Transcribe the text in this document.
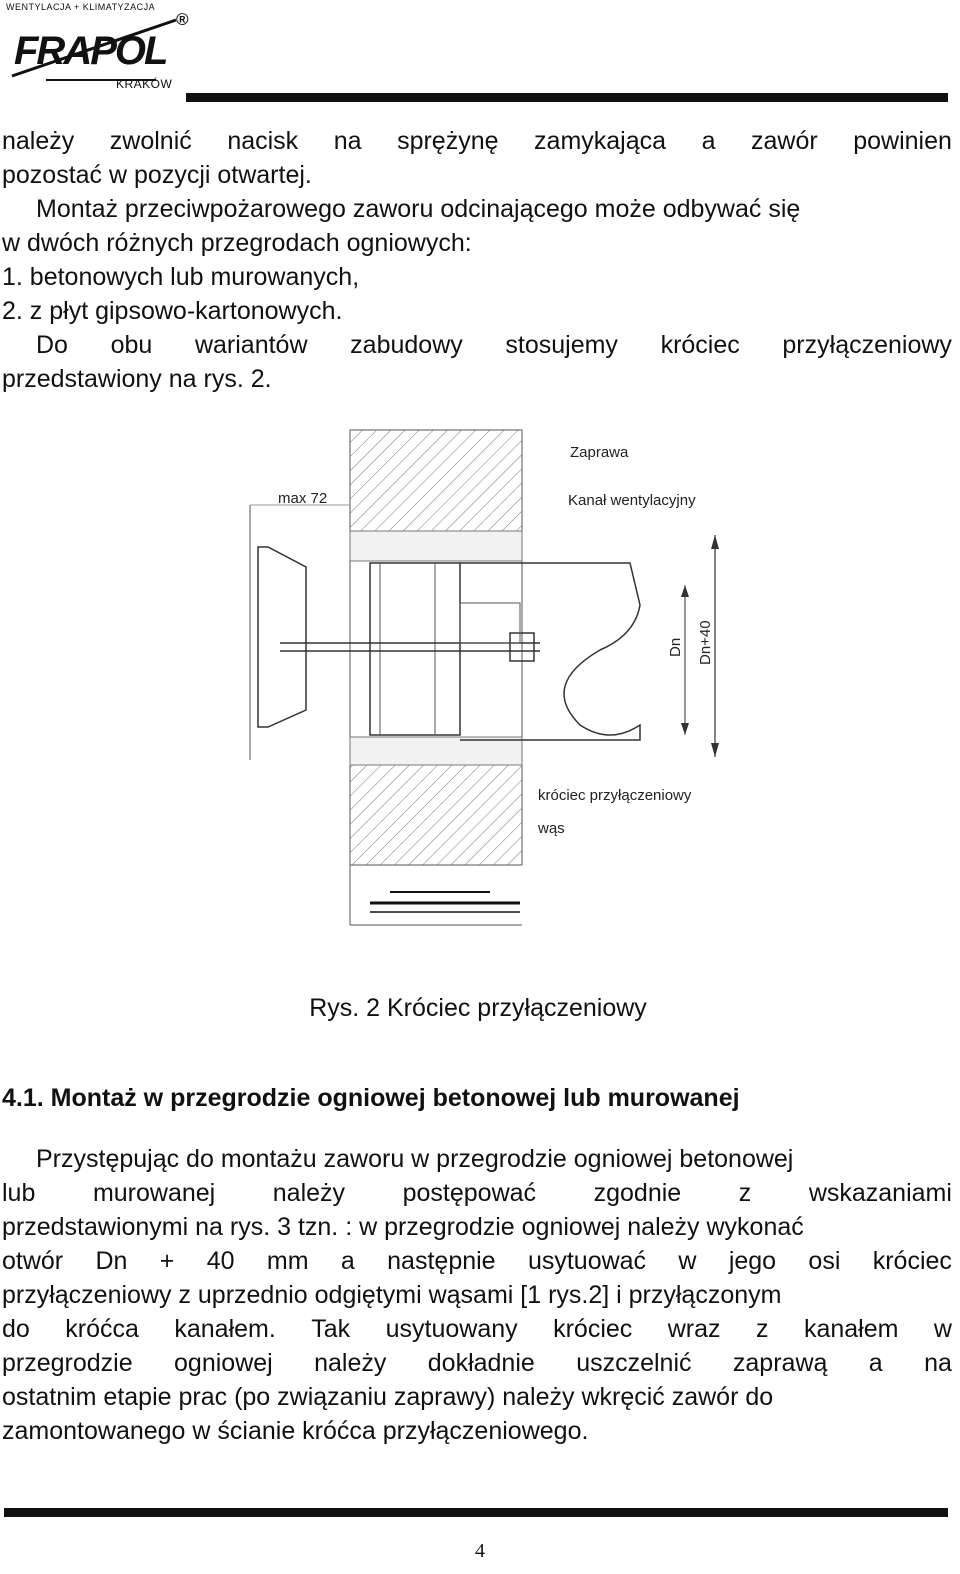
WENTYLACJA + KLIMATYZACJA
FRAPOL
®
KRAKÓW
należy zwolnić nacisk na sprężynę zamykająca a zawór powinien
pozostać w pozycji otwartej.
Montaż przeciwpożarowego zaworu odcinającego może odbywać się
w dwóch różnych przegrodach ogniowych:
1. betonowych lub murowanych,
2. z płyt gipsowo-kartonowych.
Do obu wariantów zabudowy stosujemy króciec przyłączeniowy
przedstawiony na rys. 2.
Dn Dn+40
max 72
Zaprawa
Kanał wentylacyjny
króciec przyłączeniowy
wąs
Rys. 2 Króciec przyłączeniowy
4.1. Montaż w przegrodzie ogniowej betonowej lub murowanej
Przystępując do montażu zaworu w przegrodzie ogniowej betonowej
lub murowanej należy postępować zgodnie z wskazaniami
przedstawionymi na rys. 3 tzn. : w przegrodzie ogniowej należy wykonać
otwór Dn + 40 mm a następnie usytuować w jego osi króciec
przyłączeniowy z uprzednio odgiętymi wąsami [1 rys.2] i przyłączonym
do króćca kanałem. Tak usytuowany króciec wraz z kanałem w
przegrodzie ogniowej należy dokładnie uszczelnić zaprawą a na
ostatnim etapie prac (po związaniu zaprawy) należy wkręcić zawór do
zamontowanego w ścianie króćca przyłączeniowego.
4
